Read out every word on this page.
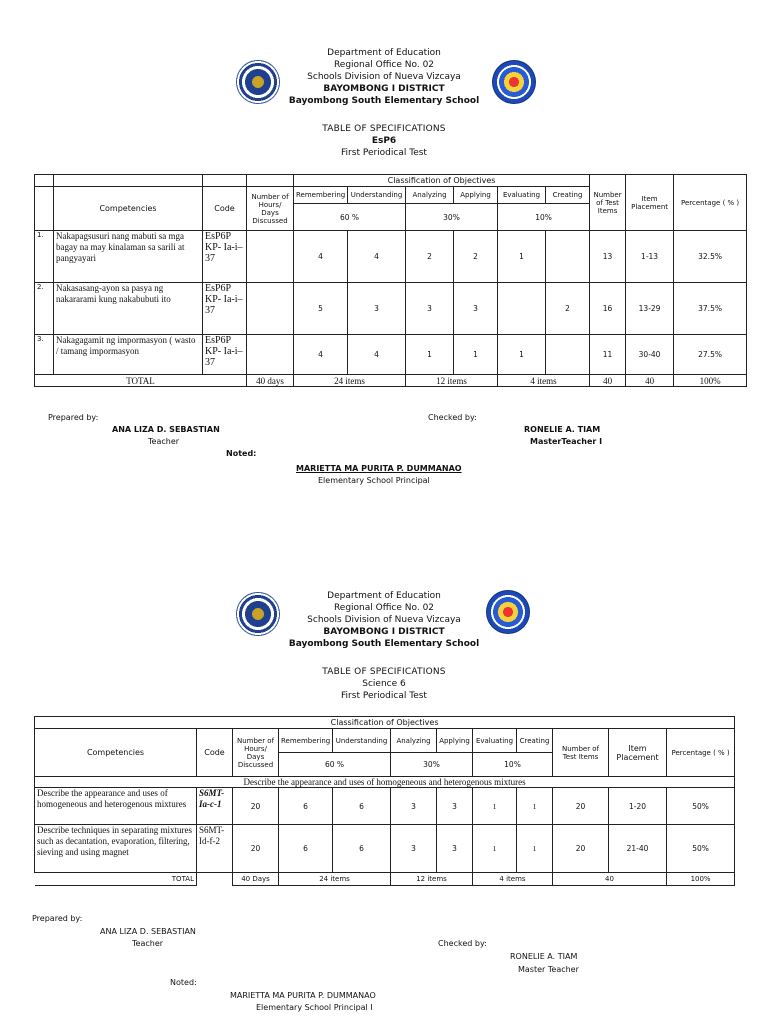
Department of Education
Regional Office No. 02
Schools Division of Nueva Vizcaya
BAYOMBONG I DISTRICT
Bayombong South Elementary School
TABLE OF SPECIFICATIONS
EsP6
First Periodical Test
				Classification of Objectives						Number of Test Items	Item Placement	Percentage ( % )
	Competencies	Code	Number of Hours/ Days Discussed	Remembering	Understanding	Analyzing	Applying	Evaluating	Creating			
				60 %		30%		10%				
1.	Nakapagsusuri nang mabuti sa mga bagay na may kinalaman sa sarili at pangyayari	EsP6P KP- Ia-i– 37		4	4	2	2	1		13	1-13	32.5%
2.	Nakasasang-ayon sa pasya ng nakararami kung nakabubuti ito	EsP6P KP- Ia-i– 37		5	3	3	3		2	16	13-29	37.5%
3.	Nakagagamit ng impormasyon ( wasto / tamang impormasyon	EsP6P KP- Ia-i– 37		4	4	1	1	1		11	30-40	27.5%
TOTAL			40 days	24 items		12 items		4 items		40	40	100%
Prepared by:
ANA LIZA D. SEBASTIAN
Teacher
Noted:
Checked by:
RONELIE A. TIAM
MasterTeacher I
MARIETTA MA PURITA P. DUMMANAO
Elementary School Principal
Department of Education
Regional Office No. 02
Schools Division of Nueva Vizcaya
BAYOMBONG I DISTRICT
Bayombong South Elementary School
TABLE OF SPECIFICATIONS
Science 6
First Periodical Test
Classification of Objectives											
Competencies	Code	Number of Hours/ Days Discussed	Remembering	Understanding	Analyzing	Applying	Evaluating	Creating	Number of Test Items	Item Placement	Percentage ( % )
			60 %		30%		10%				
Describe the appearance and uses of homogeneous and heterogenous mixtures											
Describe the appearance and uses of homogeneous and heterogenous mixtures	S6MT-Ia-c-1	20	6	6	3	3	1	1	20	1-20	50%
Describe techniques in separating mixtures such as decantation, evaporation, filtering, sieving and using magnet	S6MT-Id-f-2	20	6	6	3	3	1	1	20	21-40	50%
TOTAL		40 Days	24 items		12 items		4 items		40		100%
Prepared by:
ANA LIZA D. SEBASTIAN
Teacher	Checked by:
RONELIE A. TIAM
Master Teacher
Noted:
MARIETTA MA PURITA P. DUMMANAO
Elementary School Principal I
